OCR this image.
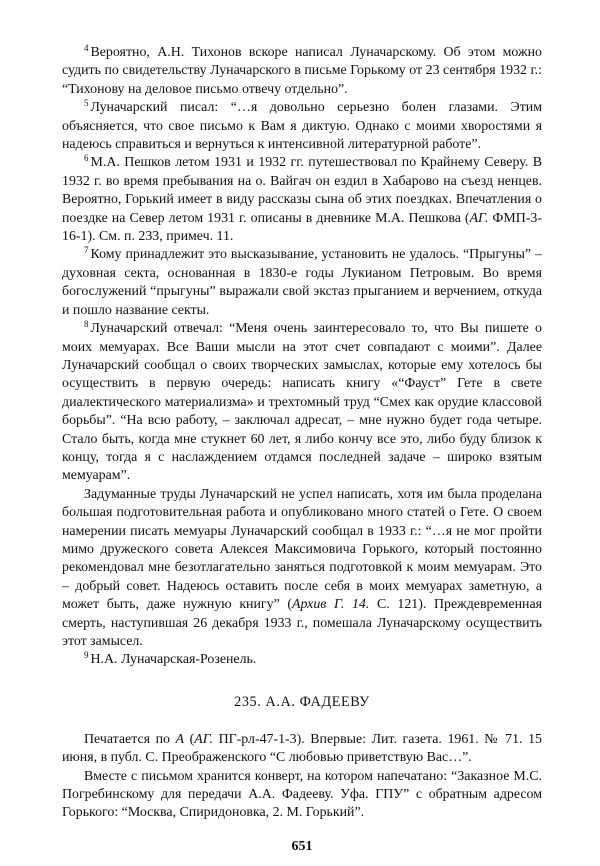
$^4$ Вероятно, А.Н. Тихонов вскоре написал Луначарскому. Об этом можно судить по свидетельству Луначарского в письме Горькому от 23 сентября 1932 г.: “Тихонову на деловое письмо отвечу отдельно”.

$^5$ Луначарский писал: “…я довольно серьезно болен глазами. Этим объясняется, что свое письмо к Вам я диктую. Однако с моими хворостями я надеюсь справиться и вернуться к интенсивной литературной работе”.

$^6$ М.А. Пешков летом 1931 и 1932 гг. путешествовал по Крайнему Северу. В 1932 г. во время пребывания на о. Вайгач он ездил в Хабарово на съезд ненцев. Вероятно, Горький имеет в виду рассказы сына об этих поездках. Впечатления о поездке на Север летом 1931 г. описаны в дневнике М.А. Пешкова (АГ. ФМП-3-16-1). См. п. 233, примеч. 11.

$^7$ Кому принадлежит это высказывание, установить не удалось. “Прыгуны” – духовная секта, основанная в 1830-е годы Лукианом Петровым. Во время богослужений “прыгуны” выражали свой экстаз прыганием и верчением, откуда и пошло название секты.

$^8$ Луначарский отвечал: “Меня очень заинтересовало то, что Вы пишете о моих мемуарах. Все Ваши мысли на этот счет совпадают с моими”. Далее Луначарский сообщал о своих творческих замыслах, которые ему хотелось бы осуществить в первую очередь: написать книгу «“Фауст” Гете в свете диалектического материализма» и трехтомный труд “Смех как орудие классовой борьбы”. “На всю работу, – заключал адресат, – мне нужно будет года четыре. Стало быть, когда мне стукнет 60 лет, я либо кончу все это, либо буду близок к концу, тогда я с наслаждением отдамся последней задаче – широко взятым мемуарам”.

Задуманные труды Луначарский не успел написать, хотя им была проделана большая подготовительная работа и опубликовано много статей о Гете. О своем намерении писать мемуары Луначарский сообщал в 1933 г.: “…я не мог пройти мимо дружеского совета Алексея Максимовича Горького, который постоянно рекомендовал мне безотлагательно заняться подготовкой к моим мемуарам. Это – добрый совет. Надеюсь оставить после себя в моих мемуарах заметную, а может быть, даже нужную книгу” (Архив Г. 14. С. 121). Преждевременная смерть, наступившая 26 декабря 1933 г., помешала Луначарскому осуществить этот замысел.

$^9$ Н.А. Луначарская-Розенель.

235. А.А. ФАДЕЕВУ

Печатается по А (АГ. ПГ-рл-47-1-3). Впервые: Лит. газета. 1961. № 71. 15 июня, в публ. С. Преображенского “С любовью приветствую Вас…”.

Вместе с письмом хранится конверт, на котором напечатано: “Заказное М.С. Погребинскому для передачи А.А. Фадееву. Уфа. ГПУ” с обратным адресом Горького: “Москва, Спиридоновка, 2. М. Горький”.

651
